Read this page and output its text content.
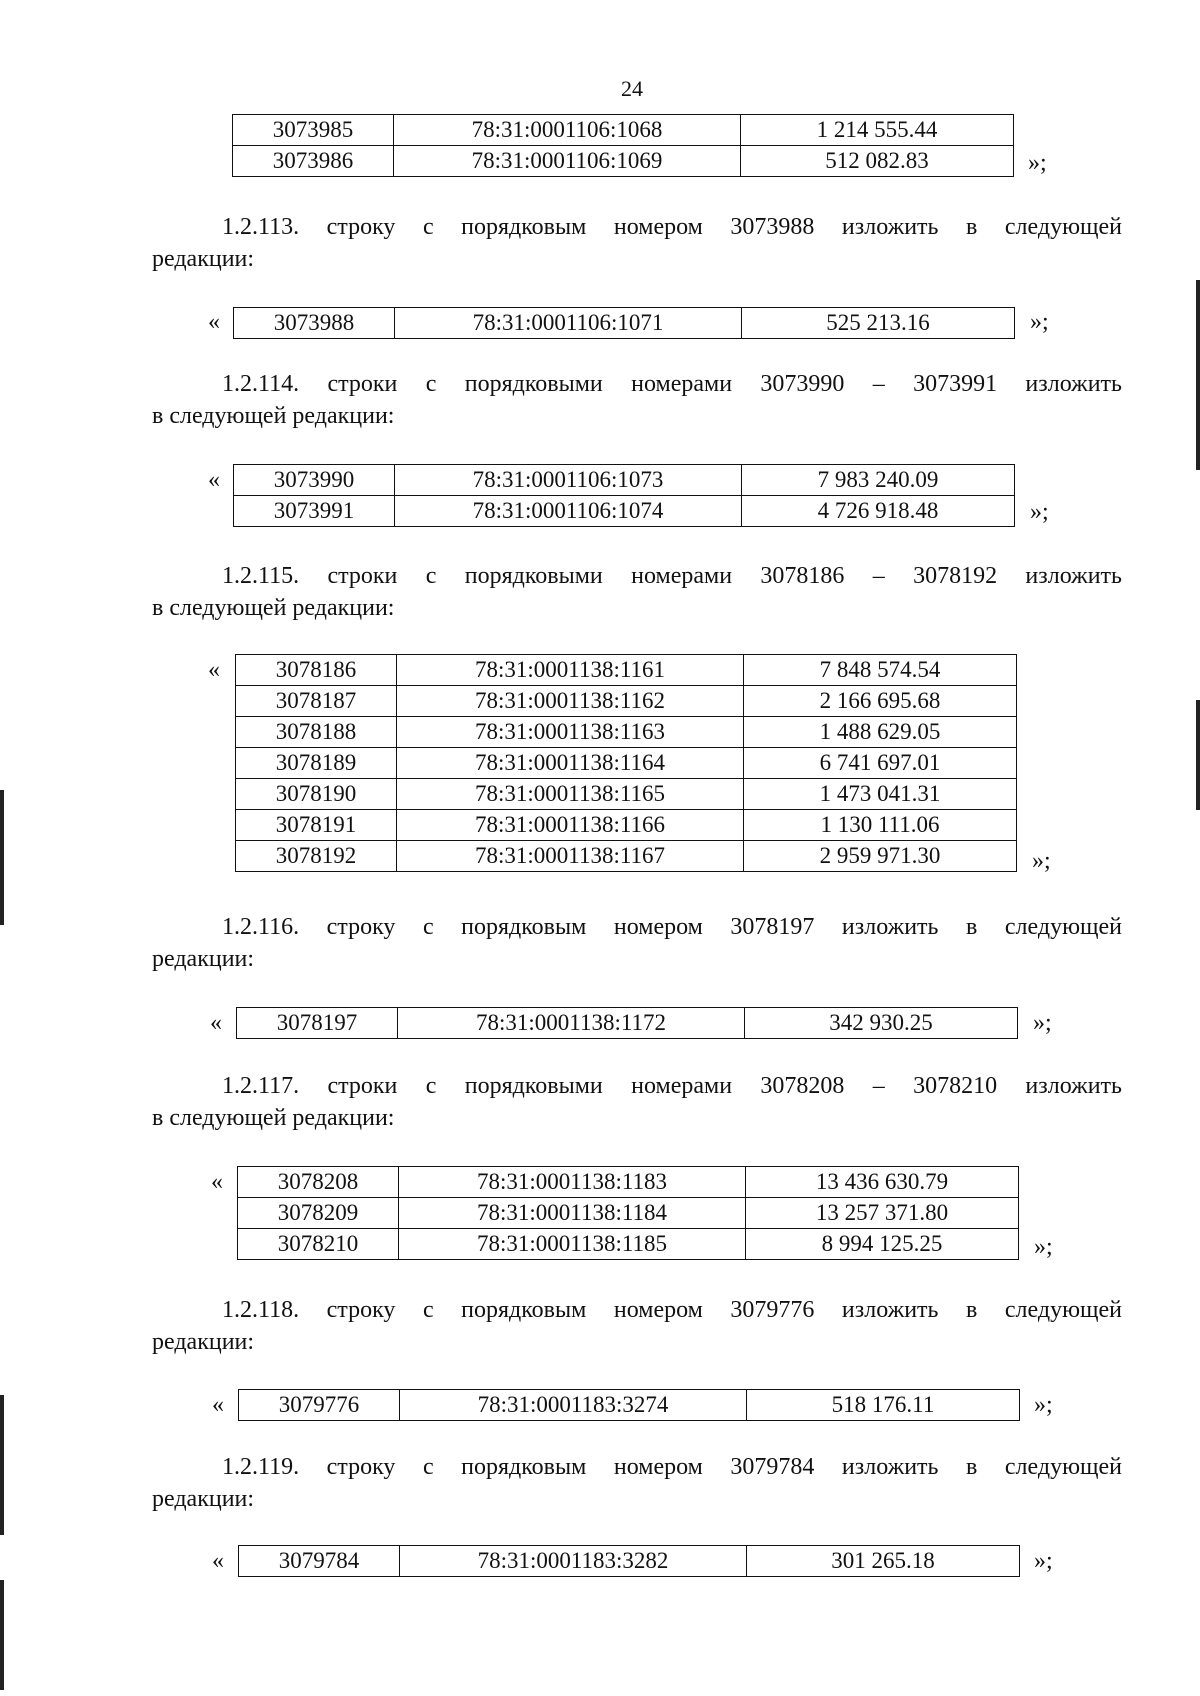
24
3073985	78:31:0001106:1068	1 214 555.44
3073986	78:31:0001106:1069	512 082.83	»;
1.2.113. строку с порядковым номером 3073988 изложить в следующей
редакции:
« 3073988	78:31:0001106:1071	525 213.16	»;
1.2.114. строки с порядковыми номерами 3073990 – 3073991 изложить
в следующей редакции:
« 3073990	78:31:0001106:1073	7 983 240.09
3073991	78:31:0001106:1074	4 726 918.48	»;
1.2.115. строки с порядковыми номерами 3078186 – 3078192 изложить
в следующей редакции:
« 3078186	78:31:0001138:1161	7 848 574.54
3078187	78:31:0001138:1162	2 166 695.68
3078188	78:31:0001138:1163	1 488 629.05
3078189	78:31:0001138:1164	6 741 697.01
3078190	78:31:0001138:1165	1 473 041.31
3078191	78:31:0001138:1166	1 130 111.06
3078192	78:31:0001138:1167	2 959 971.30	»;
1.2.116. строку с порядковым номером 3078197 изложить в следующей
редакции:
« 3078197	78:31:0001138:1172	342 930.25	»;
1.2.117. строки с порядковыми номерами 3078208 – 3078210 изложить
в следующей редакции:
« 3078208	78:31:0001138:1183	13 436 630.79
3078209	78:31:0001138:1184	13 257 371.80
3078210	78:31:0001138:1185	8 994 125.25	»;
1.2.118. строку с порядковым номером 3079776 изложить в следующей
редакции:
« 3079776	78:31:0001183:3274	518 176.11	»;
1.2.119. строку с порядковым номером 3079784 изложить в следующей
редакции:
« 3079784	78:31:0001183:3282	301 265.18	»;
